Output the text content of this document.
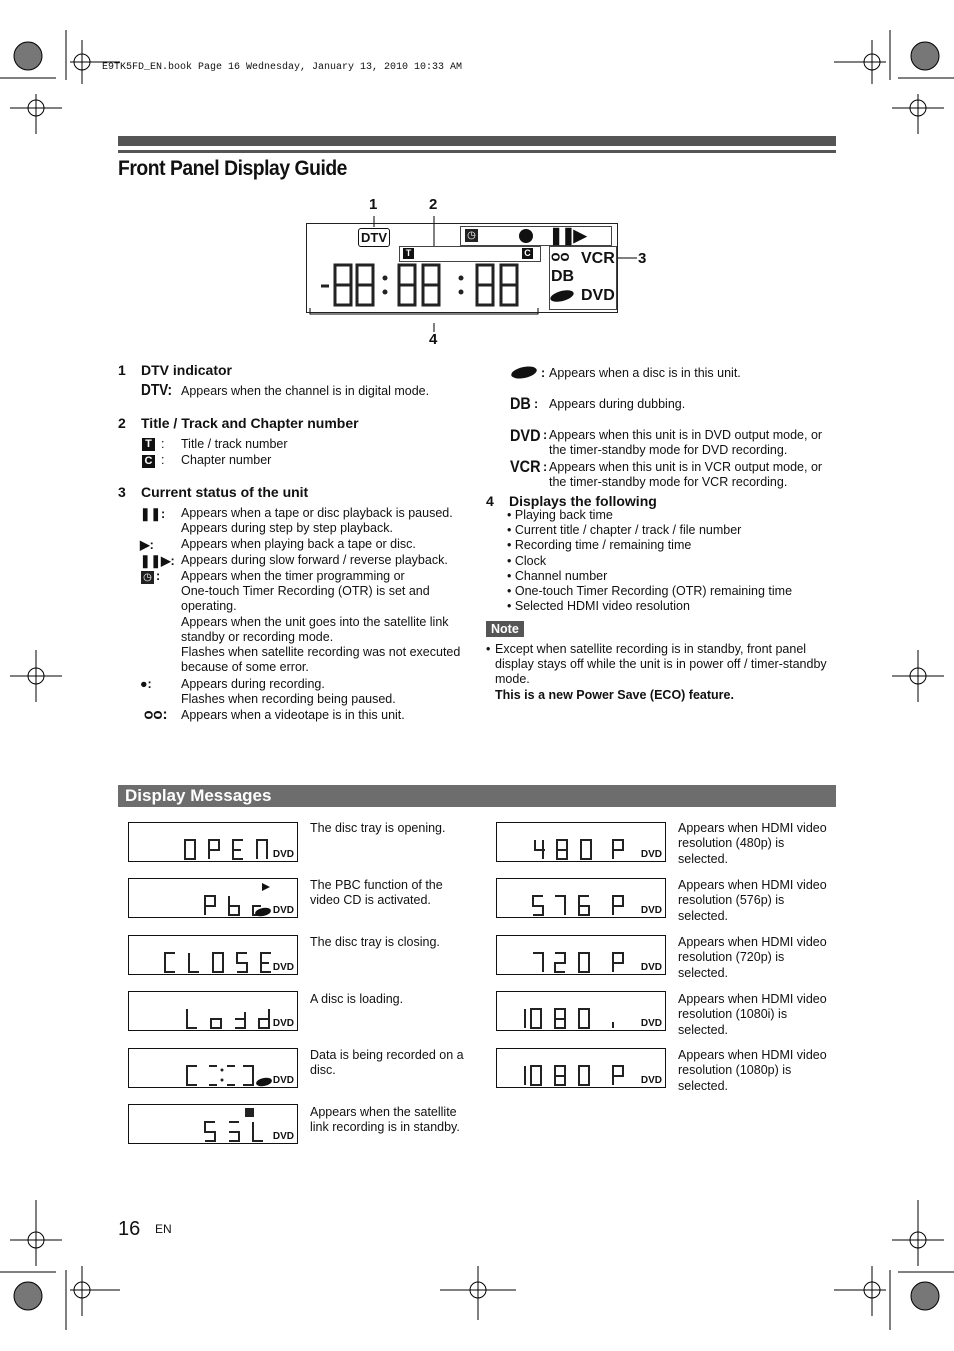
E9TK5FD_EN.book Page 16 Wednesday, January 13, 2010 10:33 AM
Front Panel Display Guide
1	2
3
4
DTV	◷	❚❚▶
T	C ᴑᴑ VCR
DB
DVD
1 DTV indicator
DTV: Appears when the channel is in digital mode.
2 Title / Track and Chapter number
T : Title / track number
C : Chapter number
3 Current status of the unit
❚❚: Appears when a tape or disc playback is paused.
Appears during step by step playback.
▶: Appears when playing back a tape or disc.
❚❚▶: Appears during slow forward / reverse playback.
◷ : Appears when the timer programming or
One-touch Timer Recording (OTR) is set and
operating.
Appears when the unit goes into the satellite link
standby or recording mode.
Flashes when satellite recording was not executed
because of some error.
●: Appears during recording.
Flashes when recording being paused.
ᴑᴑ: Appears when a videotape is in this unit.
: Appears when a disc is in this unit.
DB : Appears during dubbing.
DVD : Appears when this unit is in DVD output mode, or
the timer-standby mode for DVD recording.
VCR : Appears when this unit is in VCR output mode, or
the timer-standby mode for VCR recording.
4 Displays the following
• Playing back time
• Current title / chapter / track / file number
• Recording time / remaining time
• Clock
• Channel number
• One-touch Timer Recording (OTR) remaining time
• Selected HDMI video resolution
Note
• Except when satellite recording is in standby, front panel
display stays off while the unit is in power off / timer-standby
mode.
This is a new Power Save (ECO) feature.
Display Messages
DVD
The disc tray is opening.
DVD
The PBC function of the
video CD is activated.
DVD
The disc tray is closing.
DVD
A disc is loading.
DVD
Data is being recorded on a
disc.
DVD
Appears when the satellite
link recording is in standby.
DVD
Appears when HDMI video
resolution (480p) is
selected.
DVD
Appears when HDMI video
resolution (576p) is
selected.
DVD
Appears when HDMI video
resolution (720p) is
selected.
DVD
Appears when HDMI video
resolution (1080i) is
selected.
DVD
Appears when HDMI video
resolution (1080p) is
selected.
16 EN
